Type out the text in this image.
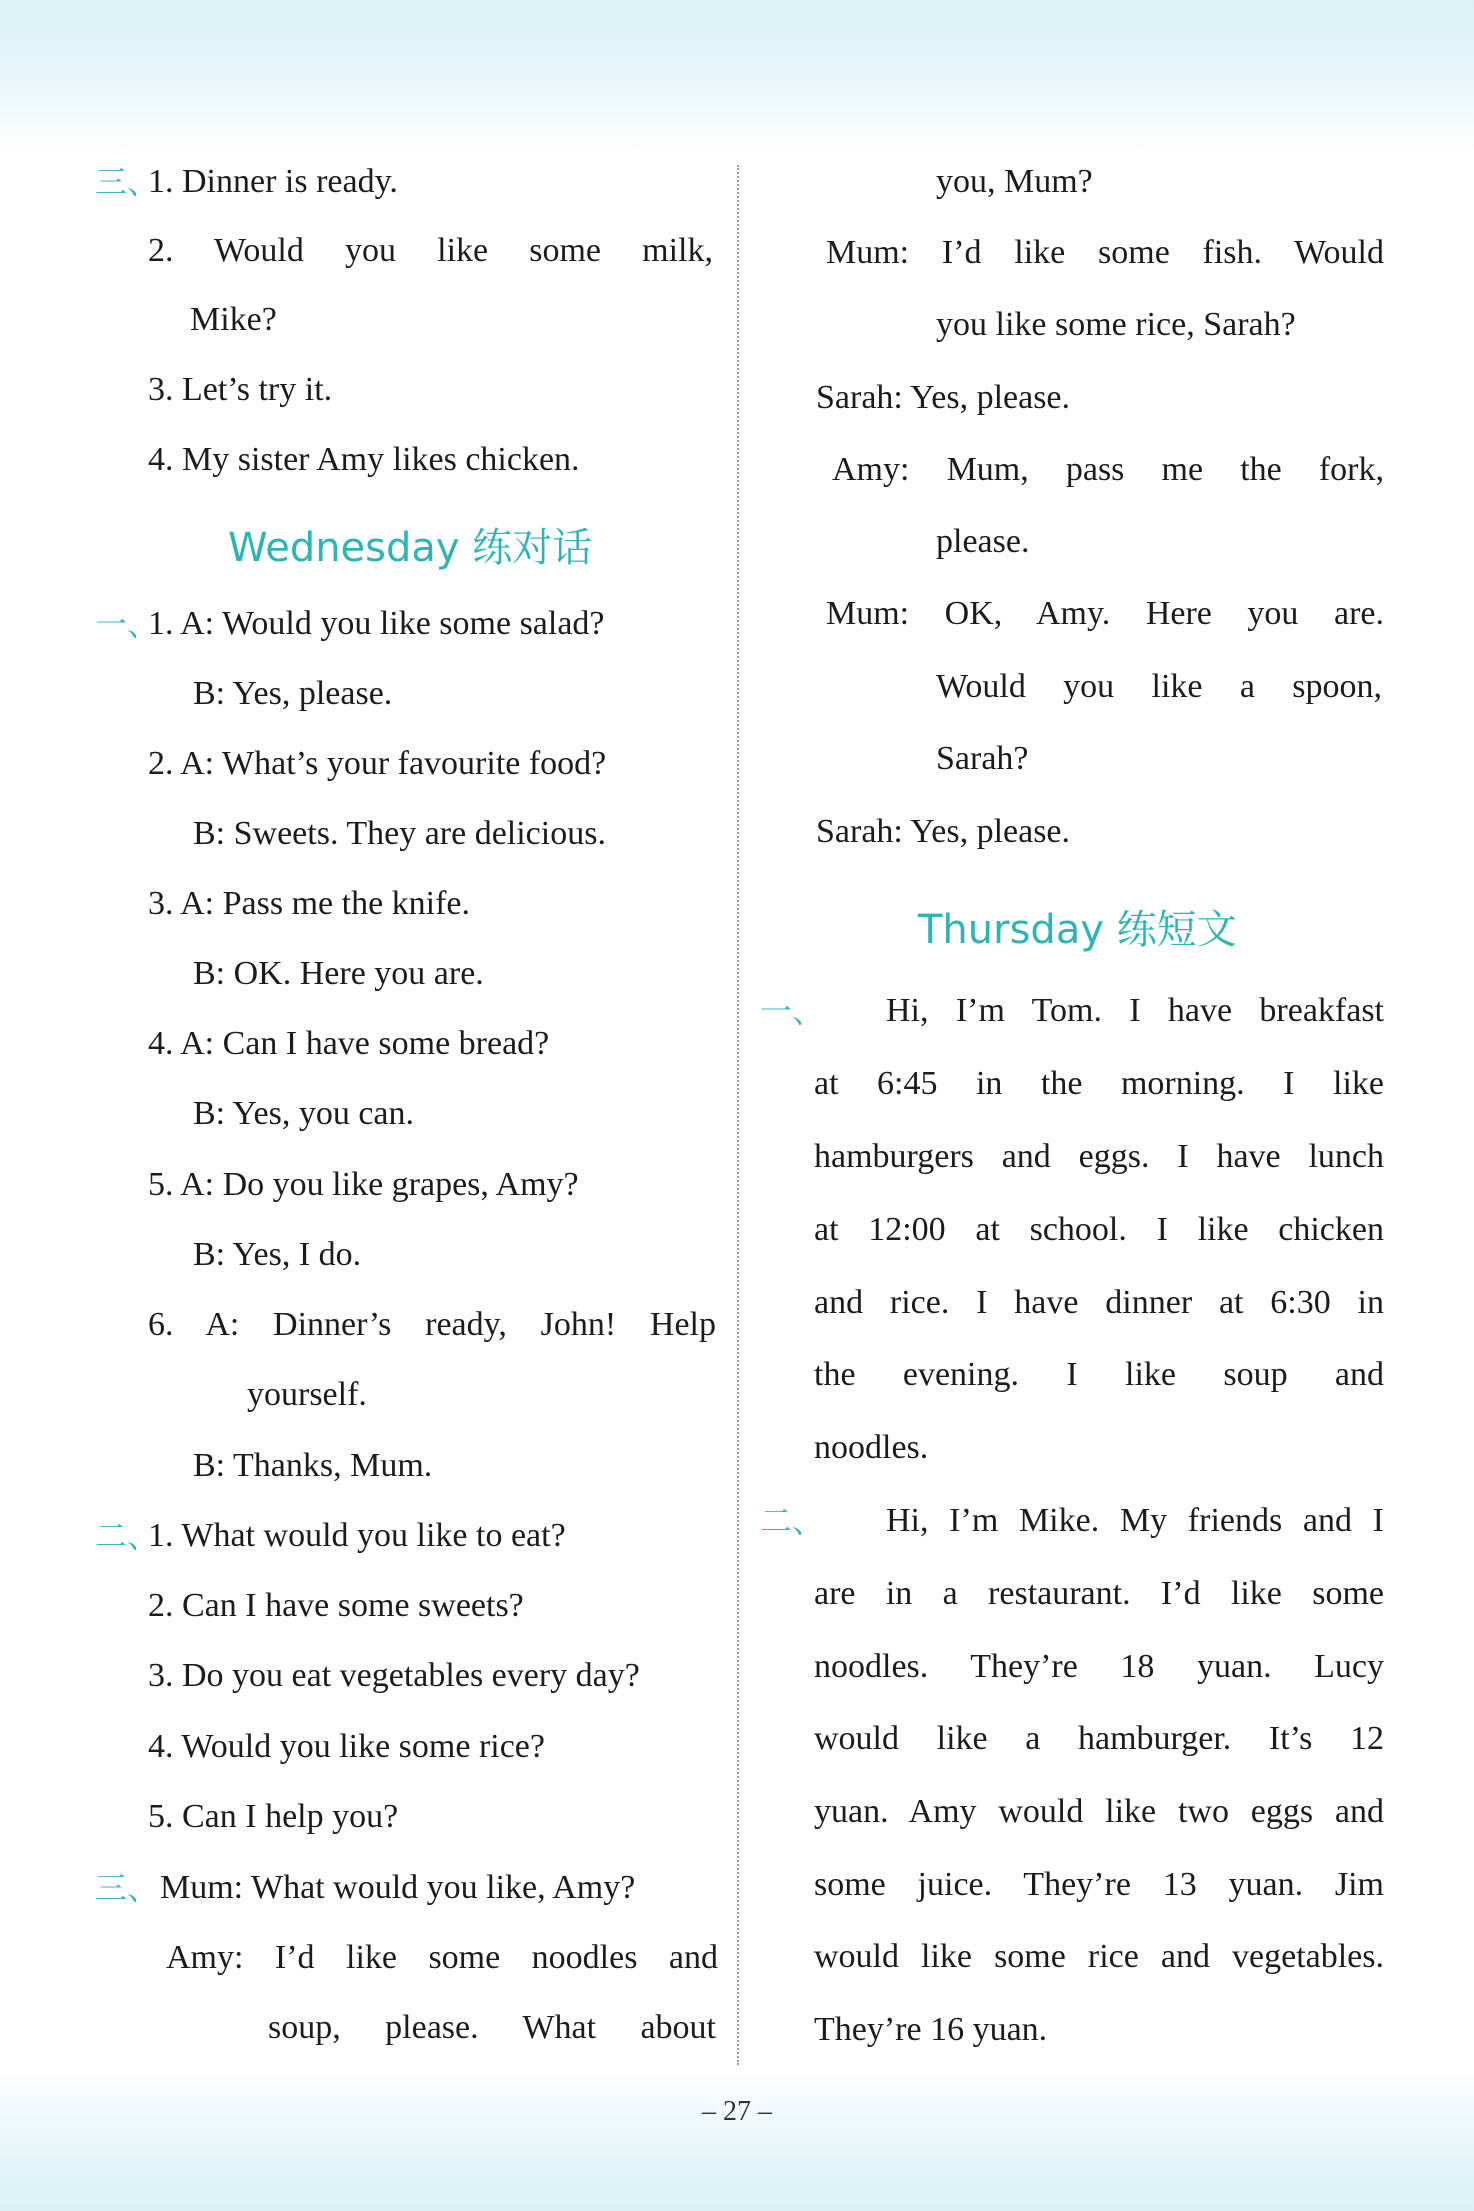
三、
1. Dinner is ready.
2. Would you like some milk,
Mike?
3. Let’s try it.
4. My sister Amy likes chicken.
Wednesday 练对话
一、
1. A: Would you like some salad?
B: Yes, please.
2. A: What’s your favourite food?
B: Sweets. They are delicious.
3. A: Pass me the knife.
B: OK. Here you are.
4. A: Can I have some bread?
B: Yes, you can.
5. A: Do you like grapes, Amy?
B: Yes, I do.
6. A: Dinner’s ready, John! Help
yourself.
B: Thanks, Mum.
二、
1. What would you like to eat?
2. Can I have some sweets?
3. Do you eat vegetables every day?
4. Would you like some rice?
5. Can I help you?
三、 Mum: What would you like, Amy?
Amy: I’d like some noodles and
soup, please. What about
you, Mum?
Mum: I’d like some fish. Would
you like some rice, Sarah?
Sarah: Yes, please.
Amy: Mum, pass me the fork,
please.
Mum: OK, Amy. Here you are.
Would you like a spoon,
Sarah?
Sarah: Yes, please.
Thursday 练短文
一、 Hi, I’m Tom. I have breakfast
at 6:45 in the morning. I like
hamburgers and eggs. I have lunch
at 12:00 at school. I like chicken
and rice. I have dinner at 6:30 in
the evening. I like soup and
noodles.
二、 Hi, I’m Mike. My friends and I
are in a restaurant. I’d like some
noodles. They’re 18 yuan. Lucy
would like a hamburger. It’s 12
yuan. Amy would like two eggs and
some juice. They’re 13 yuan. Jim
would like some rice and vegetables.
They’re 16 yuan.
– 27 –
